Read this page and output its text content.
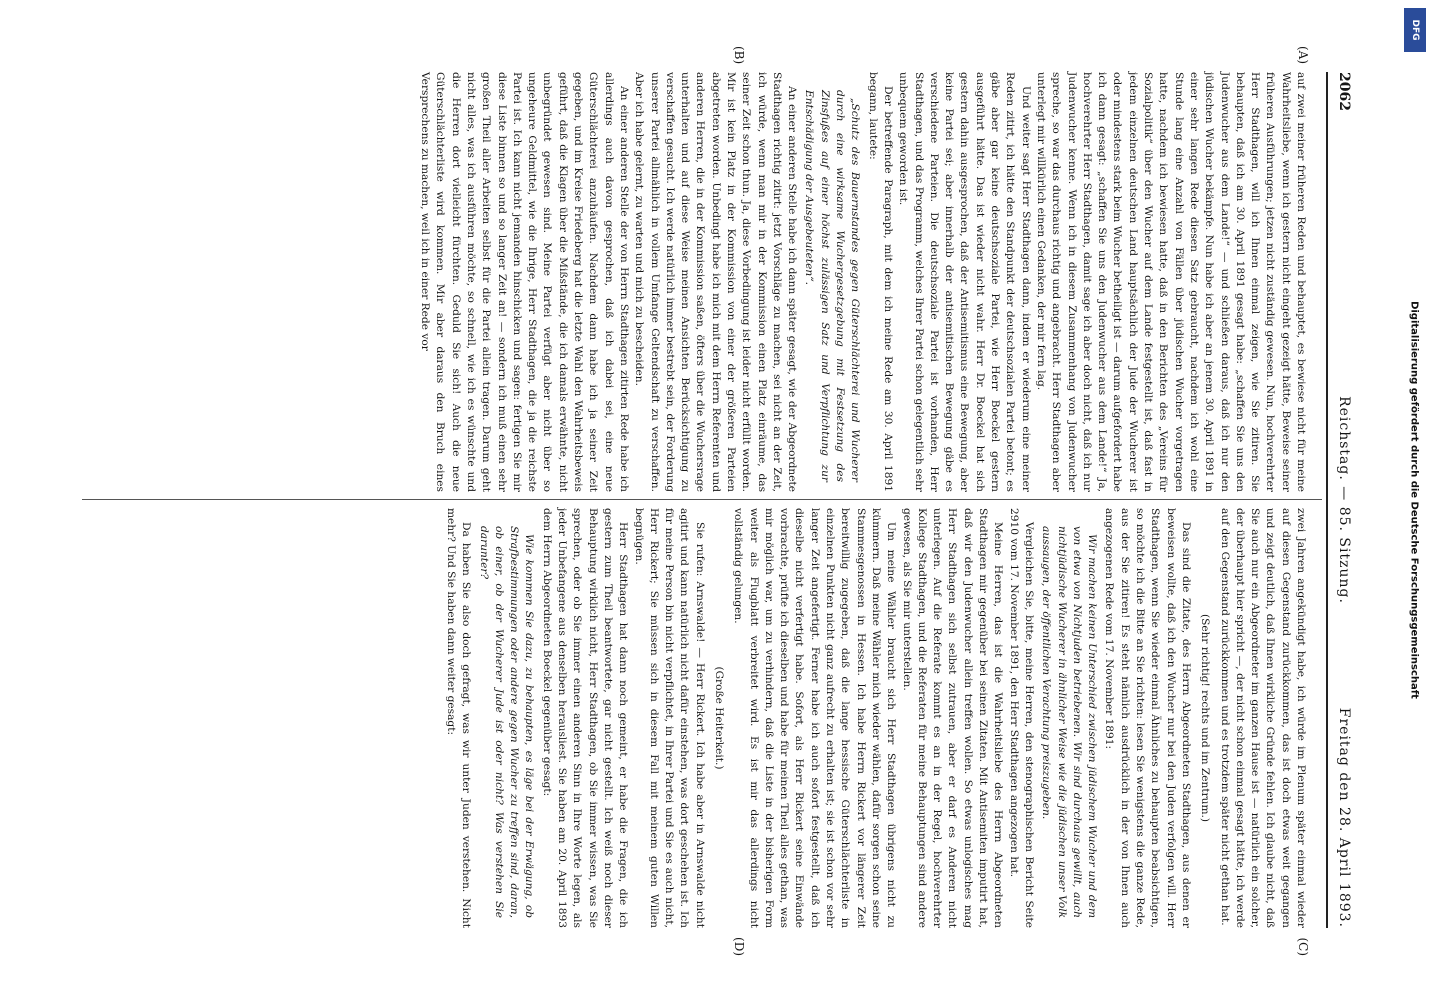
2062
Reichstag. — 85. Sitzung.
Freitag den 28. April 1893.
(A)
(B)
(C)
(D)

auf zwei meiner früheren Reden und behauptet, es bewiese nicht für meine Wahrheitsliebe, wenn ich gestern nicht eingeht gezeigt hätte, Beweise seiner früheren Ausführungen; jetzen nicht zuständig gewesen. Nun, hochverehrter Herr Stadthagen, will ich Ihnen einmal zeigen, wie Sie zitiren. Sie behaupten, daß ich am 30. April 1891 gesagt habe: „schaffen Sie uns den Judenwucher aus dem Lande!“ — und schließen daraus, daß ich nur den jüdischen Wucher bekämpfe. Nun habe ich aber an jenem 30. April 1891 in einer sehr langen Rede diesen Satz gebraucht, nachdem ich wohl eine Stunde lang eine Anzahl von Fällen über jüdischen Wucher vorgetragen hatte, nachdem ich bewiesen hatte, daß in den Berichten des „Vereins für Sozialpolitik“ über den Wucher auf dem Lande festgestellt ist, daß fast in jedem einzelnen deutschen Land hauptsächlich der Jude der Wucherer ist oder mindestens stark beim Wucher betheiligt ist — darum aufgefordert habe ich dann gesagt: „schaffen Sie uns den Judenwucher aus dem Lande!“ Ja, hochverehrter Herr Stadthagen, damit sage ich aber doch nicht, daß ich nur Judenwucher kenne. Wenn ich in diesem Zusammenhang von Judenwucher spreche, so war das durchaus richtig und angebracht. Herr Stadthagen aber unterlegt mir willkürlich einen Gedanken, der mir fern lag.

Und weiter sagt Herr Stadthagen dann, indem er wiederum eine meiner Reden zitirt, ich hätte den Standpunkt der deutschsozialen Partei betont; es gäbe aber gar keine deutschsoziale Partei, wie Herr Boeckel gestern ausgeführt hätte. Das ist wieder nicht wahr. Herr Dr. Boeckel hat sich gestern dahin ausgesprochen, daß der Antisemitismus eine Bewegung, aber keine Partei sei; aber innerhalb der antisemitischen Bewegung gäbe es verschiedene Parteien. Die deutschsoziale Partei ist vorhanden, Herr Stadthagen, und das Programm, welches Ihrer Partei schon gelegentlich sehr unbequem geworden ist.

Der betreffende Paragraph, mit dem ich meine Rede am 30. April 1891 begann, lautete:

„Schutz des Bauernstandes gegen Güterschlächterei und Wucherer durch eine wirksame Wuchergesetzgebung mit Festsetzung des Zinsfußes auf einer höchst zulässigen Satz und Verpflichtung zur Entschädigung der Ausgebeuteten“.

An einer anderen Stelle habe ich dann später gesagt, wie der Abgeordnete Stadthagen richtig zitirt: jetzt Vorschläge zu machen, sei nicht an der Zeit, ich würde, wenn man mir in der Kommission einen Platz einräume, das seiner Zeit schon thun. Ja, diese Vorbedingung ist leider nicht erfüllt worden. Mir ist kein Platz in der Kommission von einer der größeren Parteien abgetreten worden. Unbedingt habe ich mich mit dem Herrn Referenten und anderen Herren, die in der Kommission saßen, öfters über die Wuchersrage unterhalten und auf diese Weise meinen Ansichten Berücksichtigung zu verschaffen gesucht. Ich werde natürlich immer bestrebt sein, der Forderung unserer Partei allmählich in vollem Umfange Geltendschaft zu verschaffen. Aber ich habe gelernt, zu warten und mich zu bescheiden.

An einer anderen Stelle der von Herrn Stadthagen zitirten Rede habe ich allerdings auch davon gesprochen, daß ich dabei sei, eine neue Güterschlächterei anzuhäufen. Nachdem dann habe ich ja seiner Zeit gegeben, und im Kreise Friedeberg hat die letzte Wahl den Wahrheitsbeweis geführt, daß die Klagen über die Mißstände, die ich damals erwähnte, nicht unbegründet gewesen sind. Meine Partei verfügt aber nicht über so ungeheure Geldmittel, wie die Ihrige, Herr Stadthagen, die ja die reichste Partei ist. Ich kann nicht jemanden hinschicken und sagen: fertigen Sie mir diese Liste binnen so und so langer Zeit an! — sondern ich muß einen sehr großen Theil aller Arbeiten selbst für die Partei allein tragen. Darum geht nicht alles, was ich ausführen möchte, so schnell, wie ich es wünschte und die Herren dort vielleicht fürchten. Geduld Sie sich! Auch die neue Güterschlächterliste wird kommen. Mir aber daraus den Bruch eines Versprechens zu machen, weil ich in einer Rede vor

zwei Jahren angekündigt habe, ich würde im Plenum später einmal wieder auf diesen Gegenstand zurückkommen, das ist doch etwas weit gegangen und zeigt deutlich, daß Ihnen wirkliche Gründe fehlen. Ich glaube nicht, daß Sie auch nur ein Abgeordneter im ganzen Hause ist — natürlich ein solcher, der überhaupt hier spricht —, der nicht schon einmal gesagt hätte, ich werde auf den Gegenstand zurückkommen und es trotzdem später nicht gethan hat.

(Sehr richtig! rechts und im Zentrum.)

Das sind die Zitate, des Herrn Abgeordneten Stadthagen, aus denen er beweisen wollte, daß ich den Wucher nur bei den Juden verfolgen will. Herr Stadthagen, wenn Sie wieder einmal Ähnliches zu behaupten beabsichtigen, so möchte ich die Bitte an Sie richten: lesen Sie wenigstens die ganze Rede, aus der Sie zitiren! Es steht nämlich ausdrücklich in der von Ihnen auch angezogenen Rede vom 17. November 1891:

Wir machen keinen Unterschied zwischen jüdischem Wucher und dem von etwa von Nichtjuden betriebenen. Wir sind durchaus gewillt, auch nichtjüdische Wucherer in ähnlicher Weise wie die jüdischen unser Volk aussaugen, der öffentlichen Verachtung preiszugeben.

Vergleichen Sie, bitte, meine Herren, den stenographischen Bericht Seite 2910 vom 17. November 1891, den Herr Stadthagen angezogen hat.

Meine Herren, das ist die Wahrheitsliebe des Herrn Abgeordneten Stadthagen mir gegenüber bei seinen Zitaten. Mit Antisemiten imputirt hat, daß wir den Judenwucher allein treffen wollen. So etwas unlogisches mag Herr Stadthagen sich selbst zutrauen, aber er darf es Anderen nicht unterlegen. Auf die Referate kommt es an in der Regel, hochverehrter Kollege Stadthagen, und die Referaten für meine Behauptungen sind andere gewesen, als Sie mir unterstellen.

Um meine Wähler braucht sich Herr Stadthagen übrigens nicht zu kümmern. Daß meine Wähler mich wieder wählen, dafür sorgen schon seine Stammesgenossen in Hessen. Ich habe Herrn Rickert vor längerer Zeit bereitwillig zugegeben, daß die lange hessische Güterschlächterliste in einzelnen Punkten nicht ganz aufrecht zu erhalten ist; sie ist schon vor sehr langer Zeit angefertigt. Ferner habe ich auch sofort festgestellt, daß ich dieselbe nicht verfertigt habe. Sofort, als Herr Rickert seine Einwände vorbrachte, prüfte ich dieselben und habe für meinen Theil alles gethan, was mir möglich war, um zu verhindern, daß die Liste in der bisherigen Form weiter als Flugblatt verbreitet wird. Es ist mir das allerdings nicht vollständig gelungen.

(Große Heiterkeit.)

Sie rufen: Arnswalde! — Herr Rickert. Ich habe aber in Arnswalde nicht agitirt und kann natürlich nicht dafür einstehen, was dort geschehen ist. Ich für meine Person bin nicht verpflichtet, in Ihrer Partei und Sie es auch nicht, Herr Rickert; Sie müssen sich in diesem Fall mit meinem guten Willen begnügen.

Herr Stadthagen hat dann noch gemeint, er habe die Fragen, die ich gestern zum Theil beantwortete, gar nicht gestellt. Ich weiß noch dieser Behauptung wirklich nicht, Herr Stadthagen, ob Sie immer wissen, was Sie sprechen, oder ob Sie immer einen anderen Sinn in Ihre Worte legen, als jeder Unbefangene aus denselben herausliest. Sie haben am 20. April 1893 dem Herrn Abgeordneten Boeckel gegenüber gesagt:

Wie kommen Sie dazu, zu behaupten, es läge bei der Erwägung, ob Strafbestimmungen oder andere gegen Wucher zu treffen sind, daran, ob einer, ob der Wucherer Jude ist oder nicht? Was verstehen Sie darunter?

Da haben Sie also doch gefragt, was wir unter Juden verstehen. Nicht mehr? Und Sie haben dann weiter gesagt:	Digitalisierung gefördert durch die Deutsche Forschungsgemeinschaft
DFG
